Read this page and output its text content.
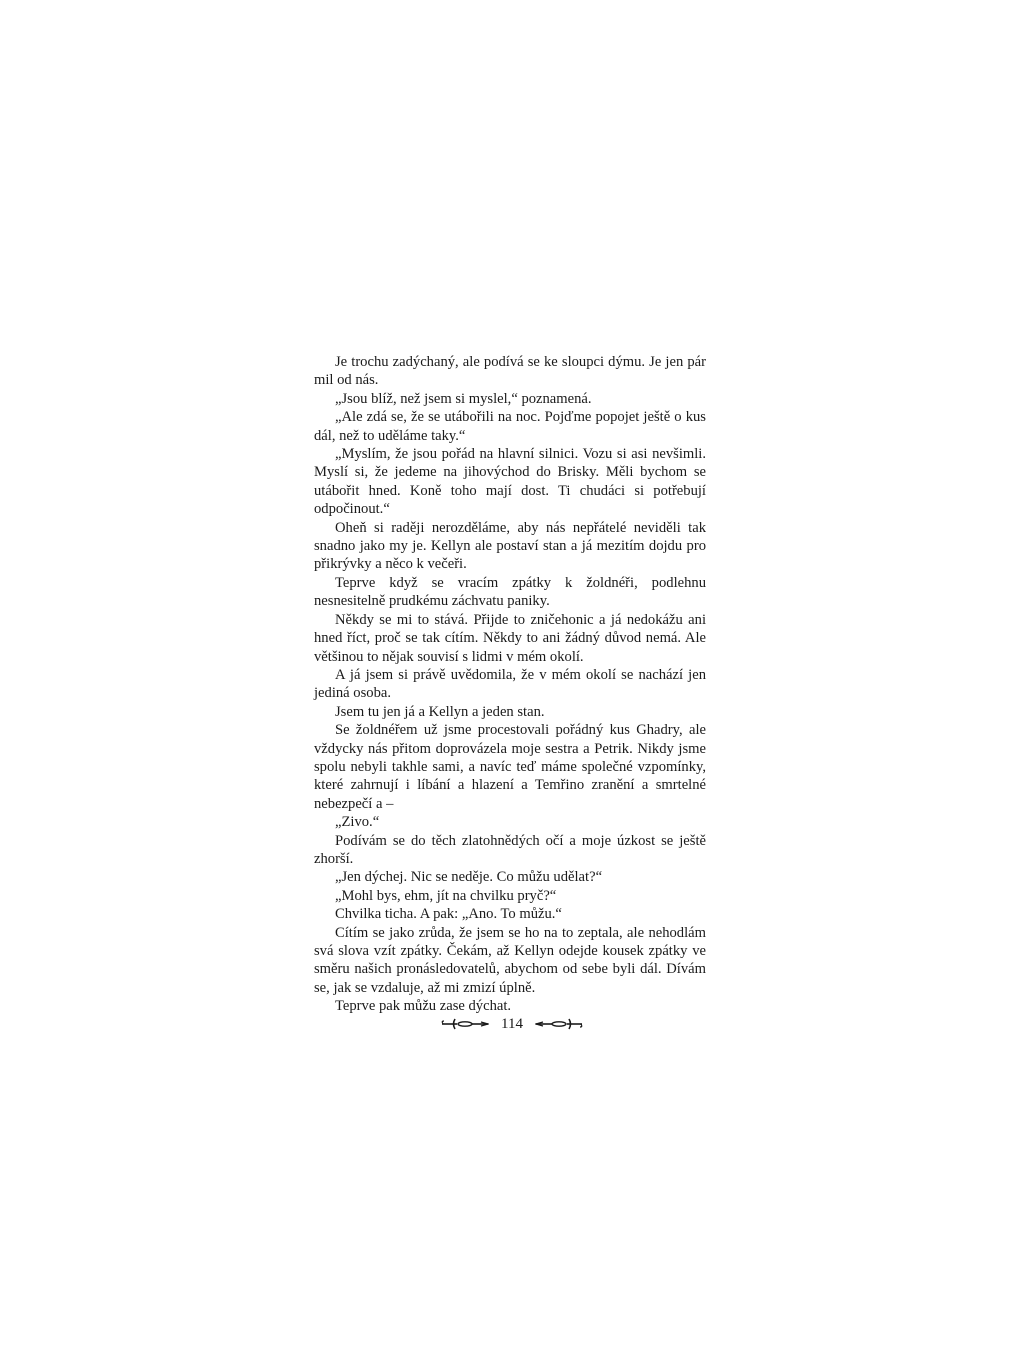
Je trochu zadýchaný, ale podívá se ke sloupci dýmu. Je jen pár mil od nás.

„Jsou blíž, než jsem si myslel,“ poznamená.

„Ale zdá se, že se utábořili na noc. Pojďme popojet ještě o kus dál, než to uděláme taky.“

„Myslím, že jsou pořád na hlavní silnici. Vozu si asi nevšimli. Myslí si, že jedeme na jihovýchod do Brisky. Měli bychom se utábořit hned. Koně toho mají dost. Ti chudáci si potřebují odpočinout.“

Oheň si raději nerozděláme, aby nás nepřátelé neviděli tak snadno jako my je. Kellyn ale postaví stan a já mezitím dojdu pro přikrývky a něco k večeři.

Teprve když se vracím zpátky k žoldnéři, podlehnu nesnesitelně prudkému záchvatu paniky.

Někdy se mi to stává. Přijde to zničehonic a já nedokážu ani hned říct, proč se tak cítím. Někdy to ani žádný důvod nemá. Ale většinou to nějak souvisí s lidmi v mém okolí.

A já jsem si právě uvědomila, že v mém okolí se nachází jen jediná osoba.

Jsem tu jen já a Kellyn a jeden stan.

Se žoldnéřem už jsme procestovali pořádný kus Ghadry, ale vždycky nás přitom doprovázela moje sestra a Petrik. Nikdy jsme spolu nebyli takhle sami, a navíc teď máme společné vzpomínky, které zahrnují i líbání a hlazení a Temřino zranění a smrtelné nebezpečí a –

„Zivo.“

Podívám se do těch zlatohnědých očí a moje úzkost se ještě zhorší.

„Jen dýchej. Nic se neděje. Co můžu udělat?“

„Mohl bys, ehm, jít na chvilku pryč?“

Chvilka ticha. A pak: „Ano. To můžu.“

Cítím se jako zrůda, že jsem se ho na to zeptala, ale nehodlám svá slova vzít zpátky. Čekám, až Kellyn odejde kousek zpátky ve směru našich pronásledovatelů, abychom od sebe byli dál. Dívám se, jak se vzdaluje, až mi zmizí úplně.

Teprve pak můžu zase dýchat.

114
